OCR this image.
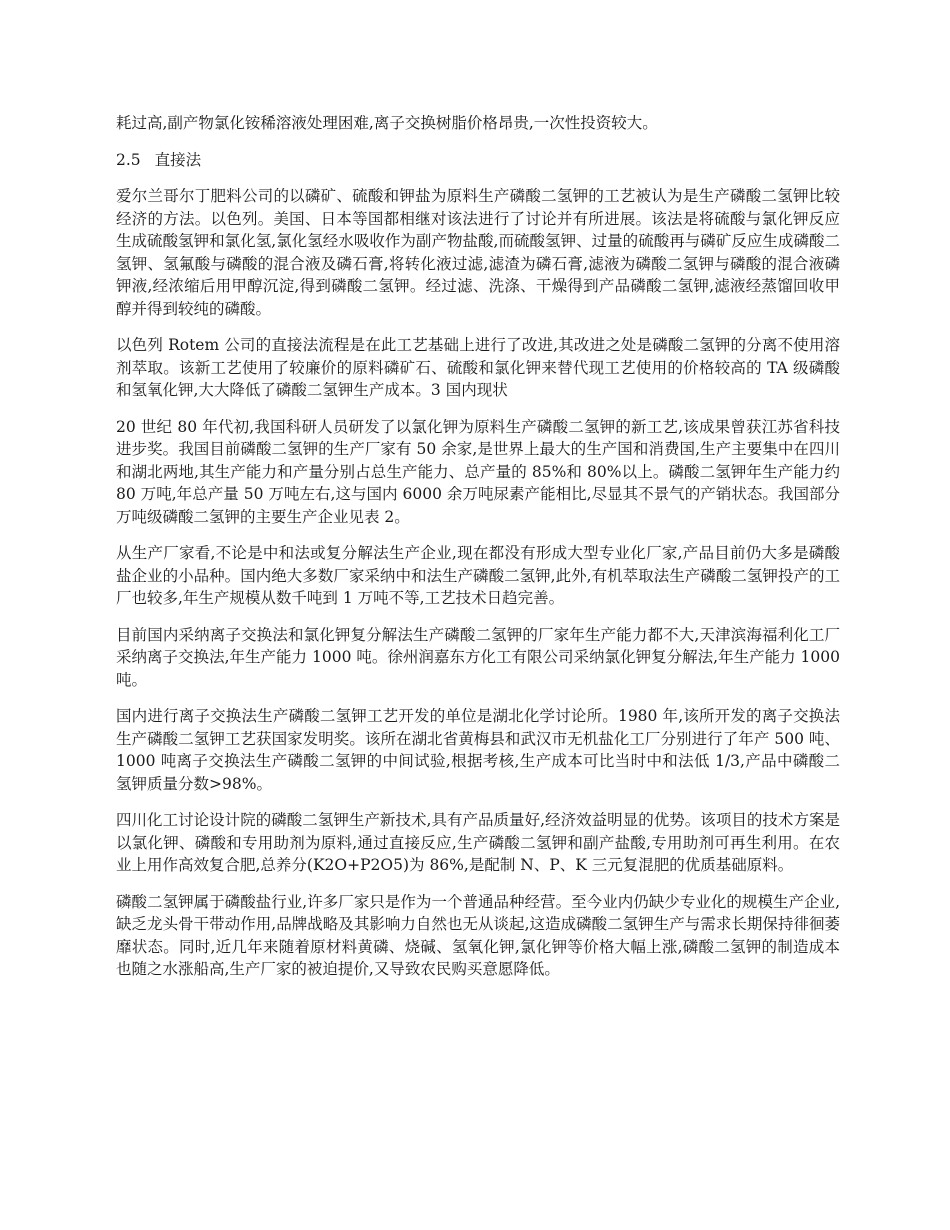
耗过高,副产物氯化铵稀溶液处理困难,离子交换树脂价格昂贵,一次性投资较大。

2.5 直接法

爱尔兰哥尔丁肥料公司的以磷矿、硫酸和钾盐为原料生产磷酸二氢钾的工艺被认为是生产磷酸二氢钾比较经济的方法。以色列。美国、日本等国都相继对该法进行了讨论并有所进展。该法是将硫酸与氯化钾反应生成硫酸氢钾和氯化氢,氯化氢经水吸收作为副产物盐酸,而硫酸氢钾、过量的硫酸再与磷矿反应生成磷酸二氢钾、氢氟酸与磷酸的混合液及磷石膏,将转化液过滤,滤渣为磷石膏,滤液为磷酸二氢钾与磷酸的混合液磷钾液,经浓缩后用甲醇沉淀,得到磷酸二氢钾。经过滤、洗涤、干燥得到产品磷酸二氢钾,滤液经蒸馏回收甲醇并得到较纯的磷酸。

以色列 Rotem 公司的直接法流程是在此工艺基础上进行了改进,其改进之处是磷酸二氢钾的分离不使用溶剂萃取。该新工艺使用了较廉价的原料磷矿石、硫酸和氯化钾来替代现工艺使用的价格较高的 TA 级磷酸和氢氧化钾,大大降低了磷酸二氢钾生产成本。3 国内现状

20 世纪 80 年代初,我国科研人员研发了以氯化钾为原料生产磷酸二氢钾的新工艺,该成果曾获江苏省科技进步奖。我国目前磷酸二氢钾的生产厂家有 50 余家,是世界上最大的生产国和消费国,生产主要集中在四川和湖北两地,其生产能力和产量分别占总生产能力、总产量的 85%和 80%以上。磷酸二氢钾年生产能力约 80 万吨,年总产量 50 万吨左右,这与国内 6000 余万吨尿素产能相比,尽显其不景气的产销状态。我国部分万吨级磷酸二氢钾的主要生产企业见表 2。

从生产厂家看,不论是中和法或复分解法生产企业,现在都没有形成大型专业化厂家,产品目前仍大多是磷酸盐企业的小品种。国内绝大多数厂家采纳中和法生产磷酸二氢钾,此外,有机萃取法生产磷酸二氢钾投产的工厂也较多,年生产规模从数千吨到 1 万吨不等,工艺技术日趋完善。

目前国内采纳离子交换法和氯化钾复分解法生产磷酸二氢钾的厂家年生产能力都不大,天津滨海福利化工厂采纳离子交换法,年生产能力 1000 吨。徐州润嘉东方化工有限公司采纳氯化钾复分解法,年生产能力 1000 吨。

国内进行离子交换法生产磷酸二氢钾工艺开发的单位是湖北化学讨论所。1980 年,该所开发的离子交换法生产磷酸二氢钾工艺获国家发明奖。该所在湖北省黄梅县和武汉市无机盐化工厂分别进行了年产 500 吨、1000 吨离子交换法生产磷酸二氢钾的中间试验,根据考核,生产成本可比当时中和法低 1/3,产品中磷酸二氢钾质量分数>98%。

四川化工讨论设计院的磷酸二氢钾生产新技术,具有产品质量好,经济效益明显的优势。该项目的技术方案是以氯化钾、磷酸和专用助剂为原料,通过直接反应,生产磷酸二氢钾和副产盐酸,专用助剂可再生利用。在农业上用作高效复合肥,总养分(K2O+P2O5)为 86%,是配制 N、P、K 三元复混肥的优质基础原料。

磷酸二氢钾属于磷酸盐行业,许多厂家只是作为一个普通品种经营。至今业内仍缺少专业化的规模生产企业,缺乏龙头骨干带动作用,品牌战略及其影响力自然也无从谈起,这造成磷酸二氢钾生产与需求长期保持徘徊萎靡状态。同时,近几年来随着原材料黄磷、烧碱、氢氧化钾,氯化钾等价格大幅上涨,磷酸二氢钾的制造成本也随之水涨船高,生产厂家的被迫提价,又导致农民购买意愿降低。
